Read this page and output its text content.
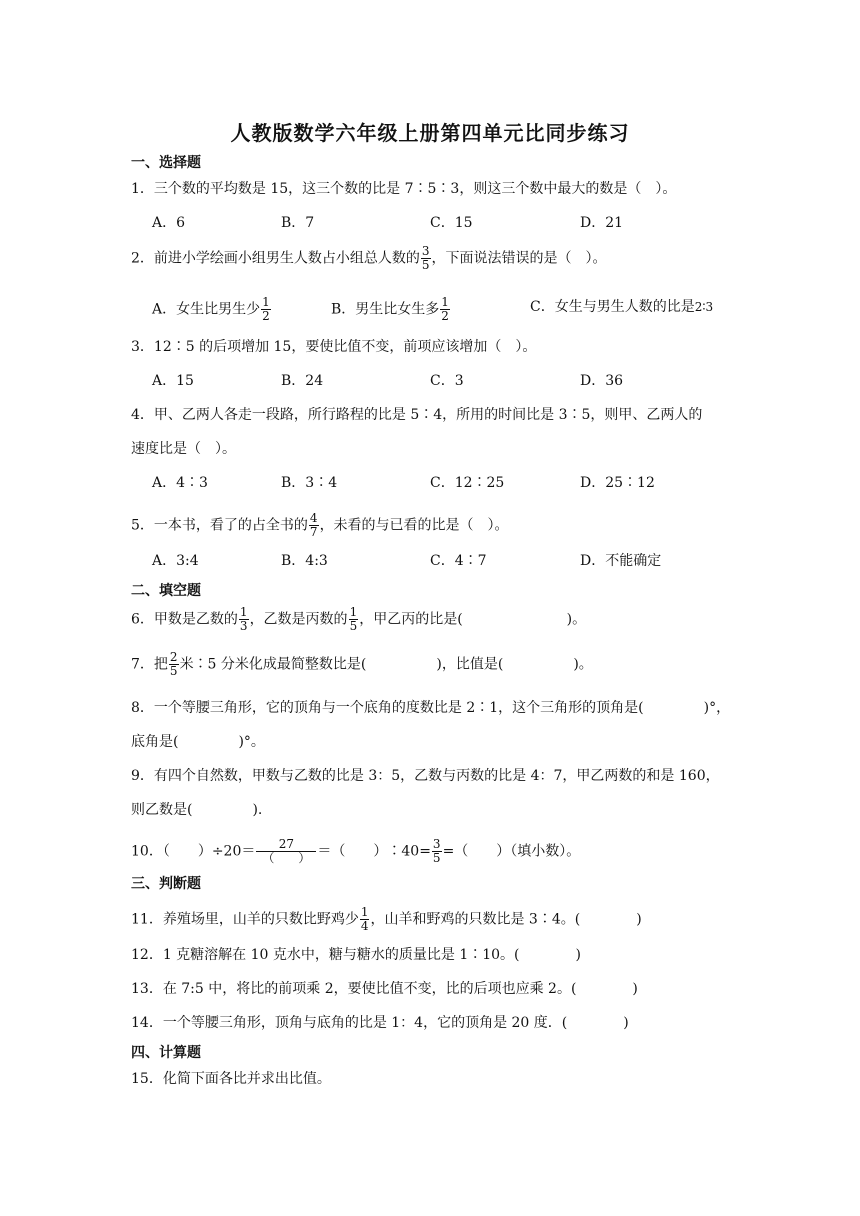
人教版数学六年级上册第四单元比同步练习
一、选择题
1．三个数的平均数是 15，这三个数的比是 7∶5∶3，则这三个数中最大的数是（　）。
A．6	B．7	C．15	D．21
2．前进小学绘画小组男生人数占小组总人数的 $\frac{3}{5}$ ，下面说法错误的是（　）。
A．女生比男生少 $\frac{1}{2}$	B．男生比女生多 $\frac{1}{2}$	C．女生与男生人数的比是2∶3
3．12∶5 的后项增加 15，要使比值不变，前项应该增加（　）。
A．15	B．24	C．3	D．36
4．甲、乙两人各走一段路，所行路程的比是 5∶4，所用的时间比是 3∶5，则甲、乙两人的
速度比是（　）。
A．4∶3	B．3∶4	C．12∶25	D．25∶12
5．一本书，看了的占全书的 $\frac{4}{7}$ ，未看的与已看的比是（　）。
A．3:4	B．4:3	C．4∶7	D．不能确定
二、填空题
6．甲数是乙数的 $\frac{1}{3}$ ，乙数是丙数的 $\frac{1}{5}$ ，甲乙丙的比是(	)。
7．把 $\frac{2}{5}$ 米∶5 分米化成最简整数比是(	)，比值是(	)。
8．一个等腰三角形，它的顶角与一个底角的度数比是 2∶1，这个三角形的顶角是(	)°，
底角是(	)°。
9．有四个自然数，甲数与乙数的比是 3：5，乙数与丙数的比是 4：7，甲乙两数的和是 160，
则乙数是(	).
10．（　　）÷20＝	27
（　　） ＝（　　）∶40= $\frac{3}{5}$ =（　　）（填小数）。
三、判断题
11．养殖场里，山羊的只数比野鸡少 $\frac{1}{4}$ ，山羊和野鸡的只数比是 3∶4。(	)
12．1 克糖溶解在 10 克水中，糖与糖水的质量比是 1∶10。(	)
13．在 7:5 中，将比的前项乘 2，要使比值不变，比的后项也应乘 2。(	)
14．一个等腰三角形，顶角与底角的比是 1：4，它的顶角是 20 度．(	)
四、计算题
15．化简下面各比并求出比值。
